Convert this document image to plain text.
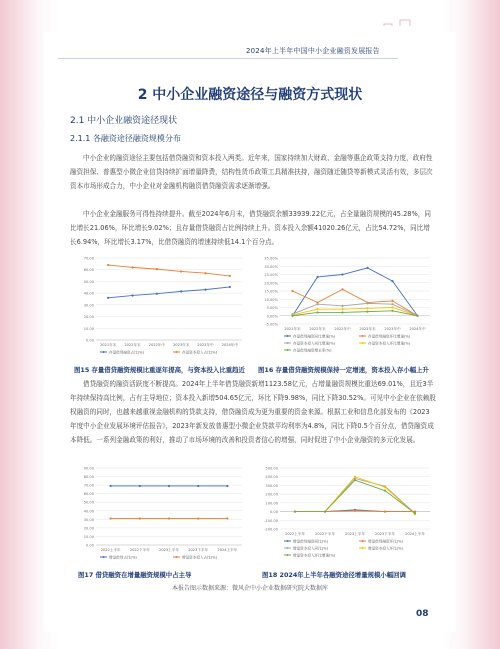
2024年上半年中国中小企业融资发展报告
2 中小企业融资途径与融资方式现状
2.1 中小企业融资途径现状
2.1.1 各融资途径融资规模分布

中小企业的融资途径主要包括借贷融资和资本投入两类。近年来，国家持续加大财政、金融等惠企政策支持力度，政府性融资担保、普惠型小微企业信贷持续扩面增量降费，结构性货币政策工具精准扶持，融资随迁随贷等新模式灵活有效，多层次资本市场形成合力，中小企业对金融机构融资借贷融资需求逐渐增强。

中小企业金融服务可得性持续提升。截至2024年6月末，借贷融资余额33939.22亿元，占全量融资规模的45.28%，同比增长21.06%，环比增长9.02%；且存量借贷融资占比例持续上升。资本投入余额41020.26亿元，占比54.72%，同比增长6.94%，环比增长3.17%，比借贷融资的增速持续低14.1个百分点。

0.00
10.00
20.00
30.00
40.00
50.00
60.00
70.00
2021年末 2022年末 2022年中 2023年末 2023年中 2024年中
存量借贷融资占比(%)	存量资本投入占比(%)
-5.00%
0.00%
5.00%
10.00%
15.00%
20.00%
25.00%
30.00%
35.00%
2021年末 2022年末 2022年中 2023年末 2023年中 2024年中
存量借贷融资同比增速(%)	存量借贷融资环比增速(%)
存量资本投入同比增速(%)	存量资本投入环比增速(%)
存量借贷融资增长率(%)
图15 存量借贷融资规模比重逐年提高，与资本投入比重趋近 图16 存量借贷融资规模保持一定增速，资本投入存小幅上升

借贷融资的融资活跃度不断提高。2024年上半年借贷融资新增1123.58亿元，占增量融资规模比重达69.01%，且近3半年持续保持高比例，占有主导地位；资本投入新增504.65亿元，环比下降9.98%，同比下降30.52%。可见中小企业在依赖股权融资的同时，也越来越重视金融机构的贷款支持，借贷融资成为更为重要的资金来源。根据工业和信息化部发布的《2023年度中小企业发展环境评估报告》，2023年新发放普惠型小微企业贷款平均利率为4.8%，同比下降0.5个百分点，借贷融资成本降低。一系列金融政策的利好，推动了市场环境的改善和投资者信心的增强，同时促进了中小企业融资的多元化发展。

0.00
10.00
20.00
30.00
40.00
50.00
60.00
70.00
80.00
90.00
2022上半年	2022下半年	2023上半年	2023下半年	2024上半年
增量借贷占比(%)	增量资本投入占比(%)
-200.00
-100.00
0.00
100.00
200.00
300.00
400.00
500.00
2022上半年	2022下半年	2023上半年	2023下半年	2024上半年
增量借贷融资同比(%)	增量借贷融资环比(%)
增量资本投入同比(%)	增量资本投入环比(%)
增量资本投入环比增速(%)
图17 借贷融资在增量融资规模中占主导	图18 2024年上半年各融资途径增量规模小幅回调
本报告图示数据来源：微风企中小企业数据研究院大数据库
08
